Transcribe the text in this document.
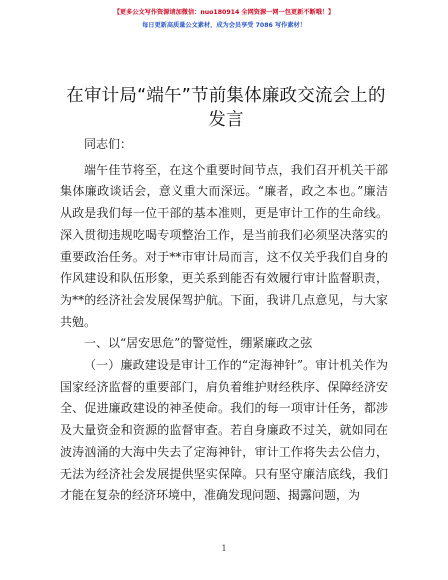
【更多公文写作资源请加微信：nuo180914 全网资源一网一包更新不断哦！】
每日更新高质量公文素材，成为会员享受 7086 写作素材！
在审计局“端午”节前集体廉政交流会上的发言

同志们：

端午佳节将至，在这个重要时间节点，我们召开机关干部集体廉政谈话会，意义重大而深远。“廉者，政之本也。”廉洁从政是我们每一位干部的基本准则，更是审计工作的生命线。深入贯彻违规吃喝专项整治工作，是当前我们必须坚决落实的重要政治任务。对于**市审计局而言，这不仅关乎我们自身的作风建设和队伍形象，更关系到能否有效履行审计监督职责，为**的经济社会发展保驾护航。下面，我讲几点意见，与大家共勉。

一、以“居安思危”的警觉性，绷紧廉政之弦

（一）廉政建设是审计工作的“定海神针”。审计机关作为国家经济监督的重要部门，肩负着维护财经秩序、保障经济安全、促进廉政建设的神圣使命。我们的每一项审计任务，都涉及大量资金和资源的监督审查。若自身廉政不过关，就如同在波涛汹涌的大海中失去了定海神针，审计工作将失去公信力，无法为经济社会发展提供坚实保障。只有坚守廉洁底线，我们才能在复杂的经济环境中，准确发现问题、揭露问题，为

1
